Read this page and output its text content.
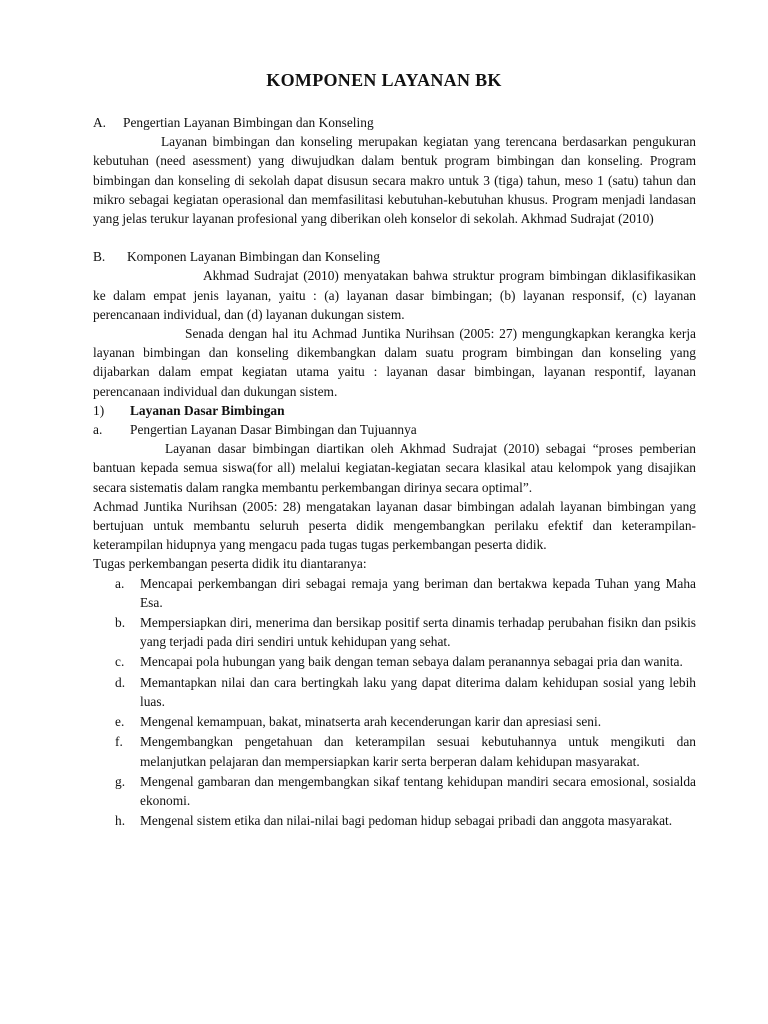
KOMPONEN LAYANAN BK
A.	Pengertian Layanan Bimbingan dan Konseling

Layanan bimbingan dan konseling merupakan kegiatan yang terencana berdasarkan pengukuran kebutuhan (need asessment) yang diwujudkan dalam bentuk program bimbingan dan konseling. Program bimbingan dan konseling di sekolah dapat disusun secara makro untuk 3 (tiga) tahun, meso 1 (satu) tahun dan mikro sebagai kegiatan operasional dan memfasilitasi kebutuhan-kebutuhan khusus. Program menjadi landasan yang jelas terukur layanan profesional yang diberikan oleh konselor di sekolah. Akhmad Sudrajat (2010)

B.	Komponen Layanan Bimbingan dan Konseling

Akhmad Sudrajat (2010) menyatakan bahwa struktur program bimbingan diklasifikasikan ke dalam empat jenis layanan, yaitu : (a) layanan dasar bimbingan; (b) layanan responsif, (c) layanan perencanaan individual, dan (d) layanan dukungan sistem.

Senada dengan hal itu Achmad Juntika Nurihsan (2005: 27) mengungkapkan kerangka kerja layanan bimbingan dan konseling dikembangkan dalam suatu program bimbingan dan konseling yang dijabarkan dalam empat kegiatan utama yaitu : layanan dasar bimbingan, layanan respontif, layanan perencanaan individual dan dukungan sistem.

1)	Layanan Dasar Bimbingan
a.	Pengertian Layanan Dasar Bimbingan dan Tujuannya

Layanan dasar bimbingan diartikan oleh Akhmad Sudrajat (2010) sebagai “proses pemberian bantuan kepada semua siswa(for all) melalui kegiatan-kegiatan secara klasikal atau kelompok yang disajikan secara sistematis dalam rangka membantu perkembangan dirinya secara optimal”.

Achmad Juntika Nurihsan (2005: 28) mengatakan layanan dasar bimbingan adalah layanan bimbingan yang bertujuan untuk membantu seluruh peserta didik mengembangkan perilaku efektif dan keterampilan-keterampilan hidupnya yang mengacu pada tugas tugas perkembangan peserta didik.

Tugas perkembangan peserta didik itu diantaranya:

a.	Mencapai perkembangan diri sebagai remaja yang beriman dan bertakwa kepada Tuhan yang Maha Esa.
b.	Mempersiapkan diri, menerima dan bersikap positif serta dinamis terhadap perubahan fisikn dan psikis yang terjadi pada diri sendiri untuk kehidupan yang sehat.
c.	Mencapai pola hubungan yang baik dengan teman sebaya dalam peranannya sebagai pria dan wanita.
d.	Memantapkan nilai dan cara bertingkah laku yang dapat diterima dalam kehidupan sosial yang lebih luas.
e.	Mengenal kemampuan, bakat, minatserta arah kecenderungan karir dan apresiasi seni.
f.	Mengembangkan pengetahuan dan keterampilan sesuai kebutuhannya untuk mengikuti dan melanjutkan pelajaran dan mempersiapkan karir serta berperan dalam kehidupan masyarakat.
g.	Mengenal gambaran dan mengembangkan sikaf tentang kehidupan mandiri secara emosional, sosialda ekonomi.
h.	Mengenal sistem etika dan nilai-nilai bagi pedoman hidup sebagai pribadi dan anggota masyarakat.
